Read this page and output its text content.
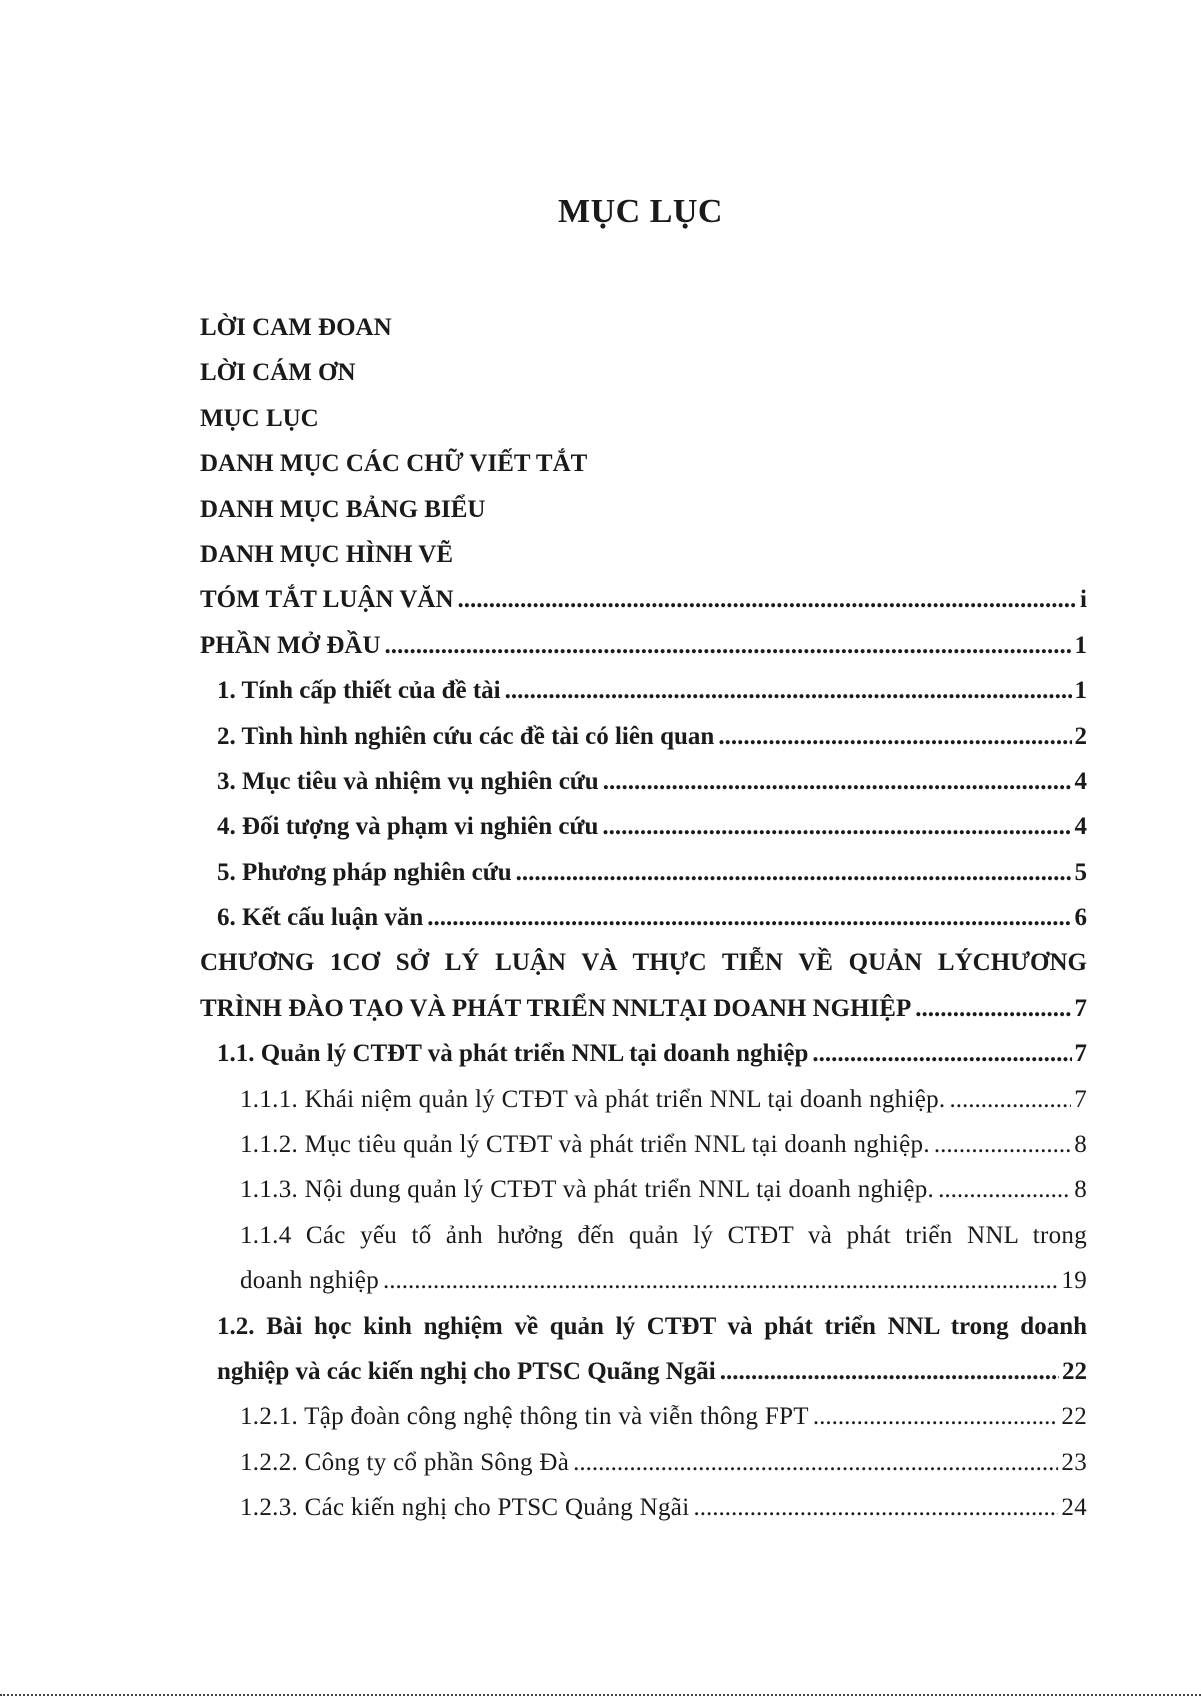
MỤC LỤC
LỜI CAM ĐOAN
LỜI CÁM ƠN
MỤC LỤC
DANH MỤC CÁC CHỮ VIẾT TẮT
DANH MỤC BẢNG BIỂU
DANH MỤC HÌNH VẼ
TÓM TẮT LUẬN VĂN .....	i
PHẦN MỞ ĐẦU .....	1
1. Tính cấp thiết của đề tài .....	1
2. Tình hình nghiên cứu các đề tài có liên quan .....	2
3. Mục tiêu và nhiệm vụ nghiên cứu .....	4
4. Đối tượng và phạm vi nghiên cứu .....	4
5. Phương pháp nghiên cứu .....	5
6. Kết cấu luận văn .....	6
CHƯƠNG 1CƠ SỞ LÝ LUẬN VÀ THỰC TIỄN VỀ QUẢN LÝCHƯƠNG
TRÌNH ĐÀO TẠO VÀ PHÁT TRIỂN NNLTẠI DOANH NGHIỆP .....	7
1.1. Quản lý CTĐT và phát triển NNL tại doanh nghiệp .....	7
1.1.1. Khái niệm quản lý CTĐT và phát triển NNL tại doanh nghiệp. .....	7
1.1.2. Mục tiêu quản lý CTĐT và phát triển NNL tại doanh nghiệp. .....	8
1.1.3. Nội dung quản lý CTĐT và phát triển NNL tại doanh nghiệp. .....	8
1.1.4 Các yếu tố ảnh hưởng đến quản lý CTĐT và phát triển NNL trong
doanh nghiệp .....	19
1.2. Bài học kinh nghiệm về quản lý CTĐT và phát triển NNL trong doanh
nghiệp và các kiến nghị cho PTSC Quãng Ngãi .....	22
1.2.1. Tập đoàn công nghệ thông tin và viễn thông FPT .....	22
1.2.2. Công ty cổ phần Sông Đà .....	23
1.2.3. Các kiến nghị cho PTSC Quảng Ngãi .....	24
